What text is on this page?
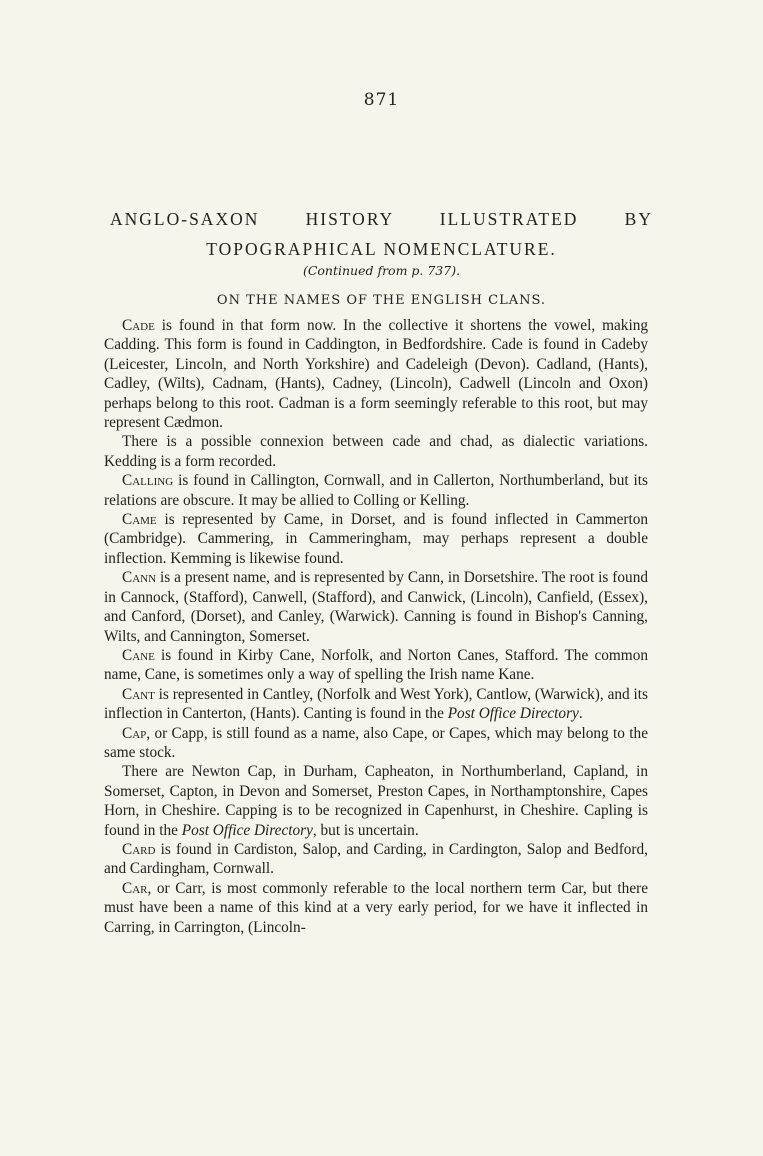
871
ANGLO-SAXON HISTORY ILLUSTRATED BY
TOPOGRAPHICAL NOMENCLATURE.
(Continued from p. 737).
ON THE NAMES OF THE ENGLISH CLANS.

Cade is found in that form now. In the collective it shortens the vowel, making Cadding. This form is found in Caddington, in Bedfordshire. Cade is found in Cadeby (Leicester, Lincoln, and North Yorkshire) and Cadeleigh (Devon). Cadland, (Hants), Cadley, (Wilts), Cadnam, (Hants), Cadney, (Lincoln), Cadwell (Lincoln and Oxon) perhaps belong to this root. Cadman is a form seemingly referable to this root, but may represent Cædmon.

There is a possible connexion between cade and chad, as dialectic variations. Kedding is a form recorded.

Calling is found in Callington, Cornwall, and in Callerton, Northumberland, but its relations are obscure. It may be allied to Colling or Kelling.

Came is represented by Came, in Dorset, and is found inflected in Cammerton (Cambridge). Cammering, in Cammeringham, may perhaps represent a double inflection. Kemming is likewise found.

Cann is a present name, and is represented by Cann, in Dorsetshire. The root is found in Cannock, (Stafford), Canwell, (Stafford), and Canwick, (Lincoln), Canfield, (Essex), and Canford, (Dorset), and Canley, (Warwick). Canning is found in Bishop's Canning, Wilts, and Cannington, Somerset.

Cane is found in Kirby Cane, Norfolk, and Norton Canes, Stafford. The common name, Cane, is sometimes only a way of spelling the Irish name Kane.

Cant is represented in Cantley, (Norfolk and West York), Cantlow, (Warwick), and its inflection in Canterton, (Hants). Canting is found in the Post Office Directory.

Cap, or Capp, is still found as a name, also Cape, or Capes, which may belong to the same stock.

There are Newton Cap, in Durham, Capheaton, in Northumberland, Capland, in Somerset, Capton, in Devon and Somerset, Preston Capes, in Northamptonshire, Capes Horn, in Cheshire. Capping is to be recognized in Capenhurst, in Cheshire. Capling is found in the Post Office Directory, but is uncertain.

Card is found in Cardiston, Salop, and Carding, in Cardington, Salop and Bedford, and Cardingham, Cornwall.

Car, or Carr, is most commonly referable to the local northern term Car, but there must have been a name of this kind at a very early period, for we have it inflected in Carring, in Carrington, (Lincoln-
